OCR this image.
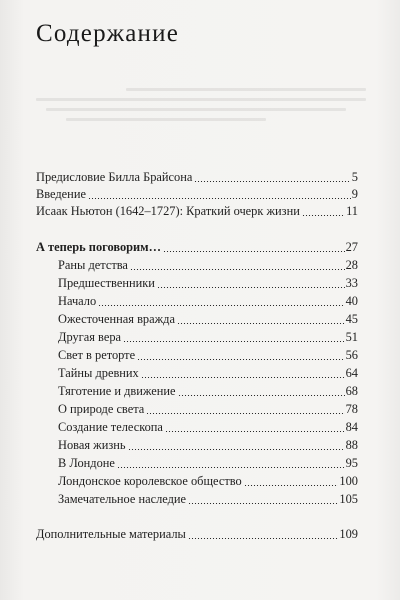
Содержание
Предисловие Билла Брайсона	5
Введение	9
Исаак Ньютон (1642–1727): Краткий очерк жизни	11
А теперь поговорим…	27
Раны детства	28
Предшественники	33
Начало	40
Ожесточенная вражда	45
Другая вера	51
Свет в реторте	56
Тайны древних	64
Тяготение и движение	68
О природе света	78
Создание телескопа	84
Новая жизнь	88
В Лондоне	95
Лондонское королевское общество	100
Замечательное наследие	105
Дополнительные материалы	109
